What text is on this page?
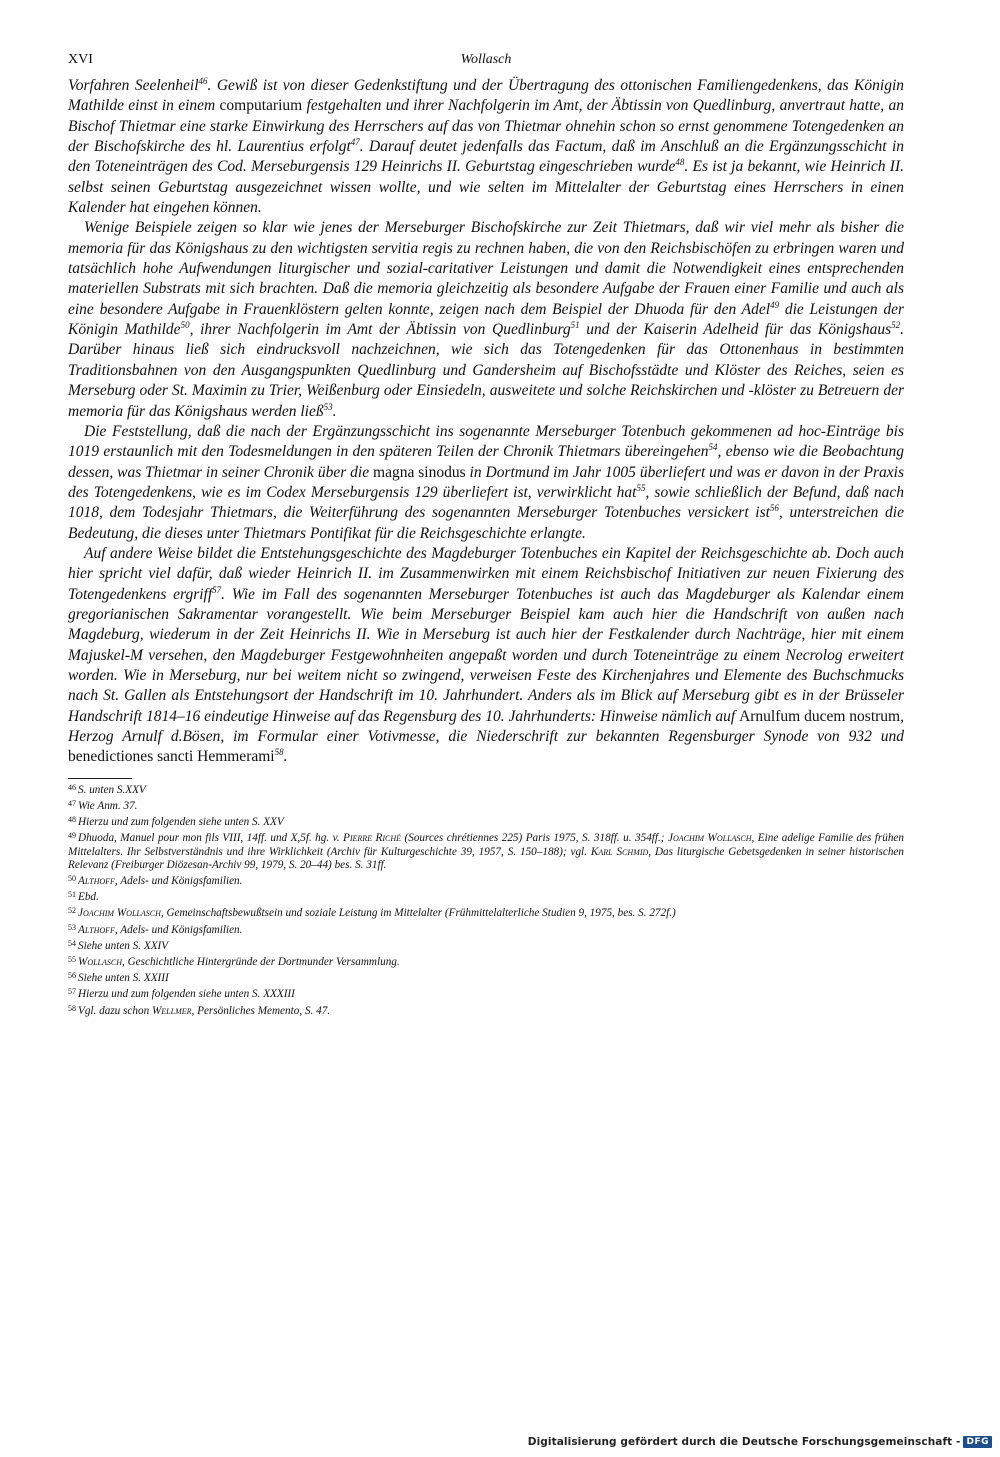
XVI	Wollasch

Vorfahren Seelenheil$^{46}$. Gewiß ist von dieser Gedenkstiftung und der Übertragung des ottonischen Familiengedenkens, das Königin Mathilde einst in einem computarium festgehalten und ihrer Nachfolgerin im Amt, der Äbtissin von Quedlinburg, anvertraut hatte, an Bischof Thietmar eine starke Einwirkung des Herrschers auf das von Thietmar ohnehin schon so ernst genommene Totengedenken an der Bischofskirche des hl. Laurentius erfolgt$^{47}$. Darauf deutet jedenfalls das Factum, daß im Anschluß an die Ergänzungsschicht in den Toteneinträgen des Cod. Merseburgensis 129 Heinrichs II. Geburtstag eingeschrieben wurde$^{48}$. Es ist ja bekannt, wie Heinrich II. selbst seinen Geburtstag ausgezeichnet wissen wollte, und wie selten im Mittelalter der Geburtstag eines Herrschers in einen Kalender hat eingehen können.

Wenige Beispiele zeigen so klar wie jenes der Merseburger Bischofskirche zur Zeit Thietmars, daß wir viel mehr als bisher die memoria für das Königshaus zu den wichtigsten servitia regis zu rechnen haben, die von den Reichsbischöfen zu erbringen waren und tatsächlich hohe Aufwendungen liturgischer und sozial-caritativer Leistungen und damit die Notwendigkeit eines entsprechenden materiellen Substrats mit sich brachten. Daß die memoria gleichzeitig als besondere Aufgabe der Frauen einer Familie und auch als eine besondere Aufgabe in Frauenklöstern gelten konnte, zeigen nach dem Beispiel der Dhuoda für den Adel$^{49}$ die Leistungen der Königin Mathilde$^{50}$, ihrer Nachfolgerin im Amt der Äbtissin von Quedlinburg$^{51}$ und der Kaiserin Adelheid für das Königshaus$^{52}$. Darüber hinaus ließ sich eindrucksvoll nachzeichnen, wie sich das Totengedenken für das Ottonenhaus in bestimmten Traditionsbahnen von den Ausgangspunkten Quedlinburg und Gandersheim auf Bischofsstädte und Klöster des Reiches, seien es Merseburg oder St. Maximin zu Trier, Weißenburg oder Einsiedeln, ausweitete und solche Reichskirchen und -klöster zu Betreuern der memoria für das Königshaus werden ließ$^{53}$.

Die Feststellung, daß die nach der Ergänzungsschicht ins sogenannte Merseburger Totenbuch gekommenen ad hoc-Einträge bis 1019 erstaunlich mit den Todesmeldungen in den späteren Teilen der Chronik Thietmars übereingehen$^{54}$, ebenso wie die Beobachtung dessen, was Thietmar in seiner Chronik über die magna sinodus in Dortmund im Jahr 1005 überliefert und was er davon in der Praxis des Totengedenkens, wie es im Codex Merseburgensis 129 überliefert ist, verwirklicht hat$^{55}$, sowie schließlich der Befund, daß nach 1018, dem Todesjahr Thietmars, die Weiterführung des sogenannten Merseburger Totenbuches versickert ist$^{56}$, unterstreichen die Bedeutung, die dieses unter Thietmars Pontifikat für die Reichsgeschichte erlangte.

Auf andere Weise bildet die Entstehungsgeschichte des Magdeburger Totenbuches ein Kapitel der Reichsgeschichte ab. Doch auch hier spricht viel dafür, daß wieder Heinrich II. im Zusammenwirken mit einem Reichsbischof Initiativen zur neuen Fixierung des Totengedenkens ergriff$^{57}$. Wie im Fall des sogenannten Merseburger Totenbuches ist auch das Magdeburger als Kalendar einem gregorianischen Sakramentar vorangestellt. Wie beim Merseburger Beispiel kam auch hier die Handschrift von außen nach Magdeburg, wiederum in der Zeit Heinrichs II. Wie in Merseburg ist auch hier der Festkalender durch Nachträge, hier mit einem Majuskel-M versehen, den Magdeburger Festgewohnheiten angepaßt worden und durch Toteneinträge zu einem Necrolog erweitert worden. Wie in Merseburg, nur bei weitem nicht so zwingend, verweisen Feste des Kirchenjahres und Elemente des Buchschmucks nach St. Gallen als Entstehungsort der Handschrift im 10. Jahrhundert. Anders als im Blick auf Merseburg gibt es in der Brüsseler Handschrift 1814–16 eindeutige Hinweise auf das Regensburg des 10. Jahrhunderts: Hinweise nämlich auf Arnulfum ducem nostrum, Herzog Arnulf d.Bösen, im Formular einer Votivmesse, die Niederschrift zur bekannten Regensburger Synode von 932 und benedictiones sancti Hemmerami$^{58}$.

$^{46}$ S. unten S.XXV
$^{47}$ Wie Anm. 37.
$^{48}$ Hierzu und zum folgenden siehe unten S. XXV
$^{49}$ Dhuoda, Manuel pour mon fils VIII, 14ff. und X,5f. hg. v. Pierre Riché (Sources chrétiennes 225) Paris 1975, S. 318ff. u. 354ff.; Joachim Wollasch, Eine adelige Familie des frühen Mittelalters. Ihr Selbstverständnis und ihre Wirklichkeit (Archiv für Kulturgeschichte 39, 1957, S. 150–188); vgl. Karl Schmid, Das liturgische Gebetsgedenken in seiner historischen Relevanz (Freiburger Diözesan-Archiv 99, 1979, S. 20–44) bes. S. 31ff.
$^{50}$ Althoff, Adels- und Königsfamilien.
$^{51}$ Ebd.
$^{52}$ Joachim Wollasch, Gemeinschaftsbewußtsein und soziale Leistung im Mittelalter (Frühmittelalterliche Studien 9, 1975, bes. S. 272f.)
$^{53}$ Althoff, Adels- und Königsfamilien.
$^{54}$ Siehe unten S. XXIV
$^{55}$ Wollasch, Geschichtliche Hintergründe der Dortmunder Versammlung.
$^{56}$ Siehe unten S. XXIII
$^{57}$ Hierzu und zum folgenden siehe unten S. XXXIII
$^{58}$ Vgl. dazu schon Wellmer, Persönliches Memento, S. 47.
Digitalisierung gefördert durch die Deutsche Forschungsgemeinschaft - DFG
